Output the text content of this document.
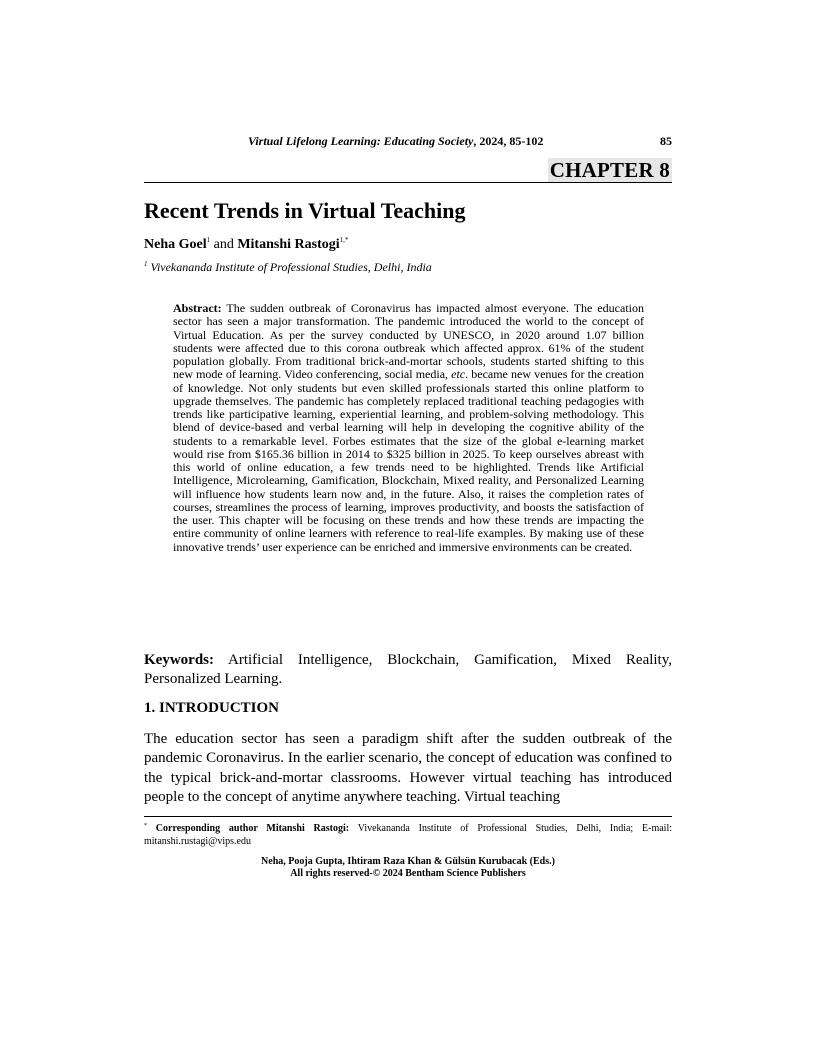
Virtual Lifelong Learning: Educating Society, 2024, 85-102	85
CHAPTER 8
Recent Trends in Virtual Teaching
Neha Goel$^1$ and Mitanshi Rastogi$^{1,*}$
$^1$ Vivekananda Institute of Professional Studies, Delhi, India

Abstract: The sudden outbreak of Coronavirus has impacted almost everyone. The education sector has seen a major transformation. The pandemic introduced the world to the concept of Virtual Education. As per the survey conducted by UNESCO, in 2020 around 1.07 billion students were affected due to this corona outbreak which affected approx. 61% of the student population globally. From traditional brick-and-mortar schools, students started shifting to this new mode of learning. Video conferencing, social media, etc. became new venues for the creation of knowledge. Not only students but even skilled professionals started this online platform to upgrade themselves. The pandemic has completely replaced traditional teaching pedagogies with trends like participative learning, experiential learning, and problem-solving methodology. This blend of device-based and verbal learning will help in developing the cognitive ability of the students to a remarkable level. Forbes estimates that the size of the global e-learning market would rise from $165.36 billion in 2014 to $325 billion in 2025. To keep ourselves abreast with this world of online education, a few trends need to be highlighted. Trends like Artificial Intelligence, Microlearning, Gamification, Blockchain, Mixed reality, and Personalized Learning will influence how students learn now and, in the future. Also, it raises the completion rates of courses, streamlines the process of learning, improves productivity, and boosts the satisfaction of the user. This chapter will be focusing on these trends and how these trends are impacting the entire community of online learners with reference to real-life examples. By making use of these innovative trends’ user experience can be enriched and immersive environments can be created.

Keywords: Artificial Intelligence, Blockchain, Gamification, Mixed Reality, Personalized Learning.

1. INTRODUCTION

The education sector has seen a paradigm shift after the sudden outbreak of the pandemic Coronavirus. In the earlier scenario, the concept of education was confined to the typical brick-and-mortar classrooms. However virtual teaching has introduced people to the concept of anytime anywhere teaching. Virtual teaching

* Corresponding author Mitanshi Rastogi: Vivekananda Institute of Professional Studies, Delhi, India; E-mail: mitanshi.rustagi@vips.edu

Neha, Pooja Gupta, Ihtiram Raza Khan & Gülsün Kurubacak (Eds.)
All rights reserved-© 2024 Bentham Science Publishers
